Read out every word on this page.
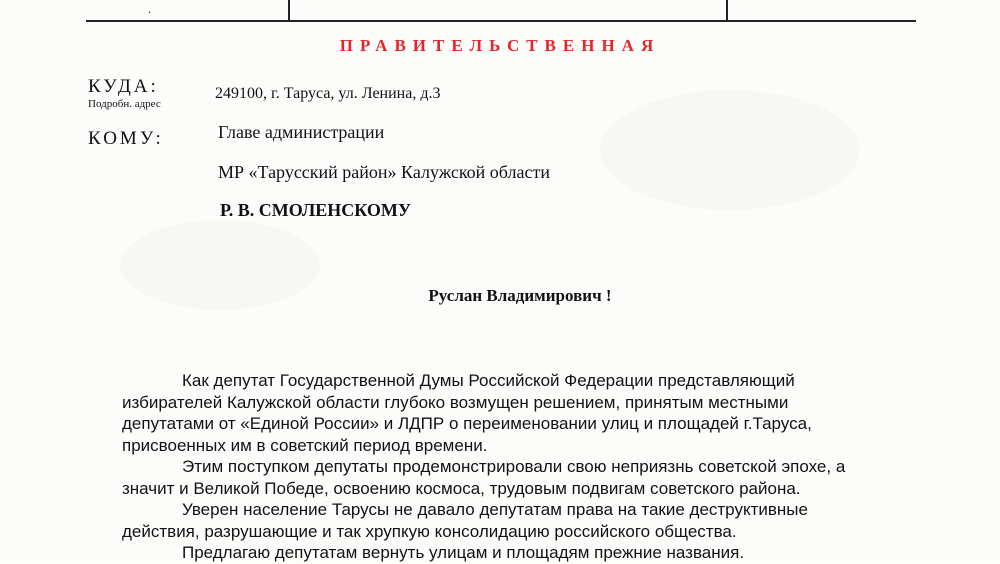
.
ПРАВИТЕЛЬСТВЕННАЯ
КУДА:
Подробн. адрес
249100, г. Таруса, ул. Ленина, д.3
КОМУ:	Главе администрации
МР «Тарусский район» Калужской области
Р. В. СМОЛЕНСКОМУ
Руслан Владимирович !

Как депутат Государственной Думы Российской Федерации представляющий избирателей Калужской области глубоко возмущен решением, принятым местными депутатами от «Единой России» и ЛДПР о переименовании улиц и площадей г.Таруса, присвоенных им в советский период времени.

Этим поступком депутаты продемонстрировали свою неприязнь советской эпохе, а значит и Великой Победе, освоению космоса, трудовым подвигам советского района.

Уверен население Тарусы не давало депутатам права на такие деструктивные действия, разрушающие и так хрупкую консолидацию российского общества.

Предлагаю депутатам вернуть улицам и площадям прежние названия.
